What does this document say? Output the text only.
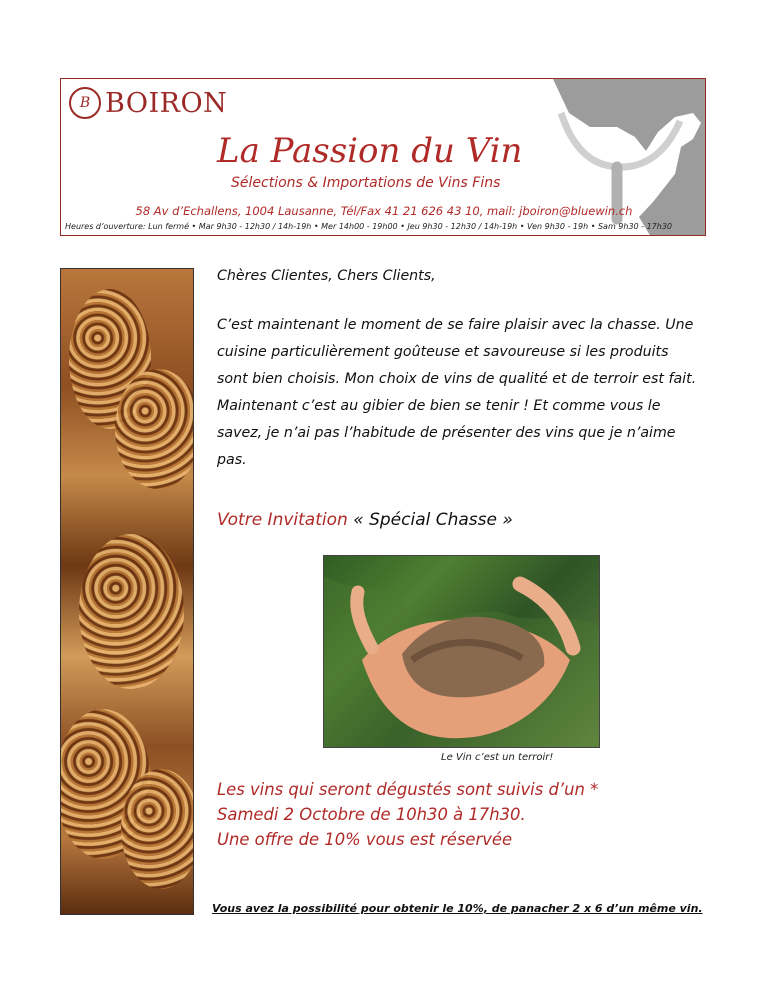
B BOIRON
La Passion du Vin
Sélections & Importations de Vins Fins
58 Av d’Echallens, 1004 Lausanne, Tél/Fax 41 21 626 43 10, mail: jboiron@bluewin.ch
Heures d’ouverture: Lun fermé • Mar 9h30 - 12h30 / 14h-19h • Mer 14h00 - 19h00 • Jeu 9h30 - 12h30 / 14h-19h • Ven 9h30 - 19h • Sam 9h30 - 17h30
Chères Clientes, Chers Clients,
C’est maintenant le moment de se faire plaisir avec la chasse. Une cuisine particulièrement goûteuse et savoureuse si les produits sont bien choisis. Mon choix de vins de qualité et de terroir est fait. Maintenant c’est au gibier de bien se tenir ! Et comme vous le savez, je n’ai pas l’habitude de présenter des vins que je n’aime pas.
Votre Invitation « Spécial Chasse »
Le Vin c’est un terroir!
Les vins qui seront dégustés sont suivis d’un *
Samedi 2 Octobre de 10h30 à 17h30.
Une offre de 10% vous est réservée
Vous avez la possibilité pour obtenir le 10%, de panacher 2 x 6 d’un même vin.
